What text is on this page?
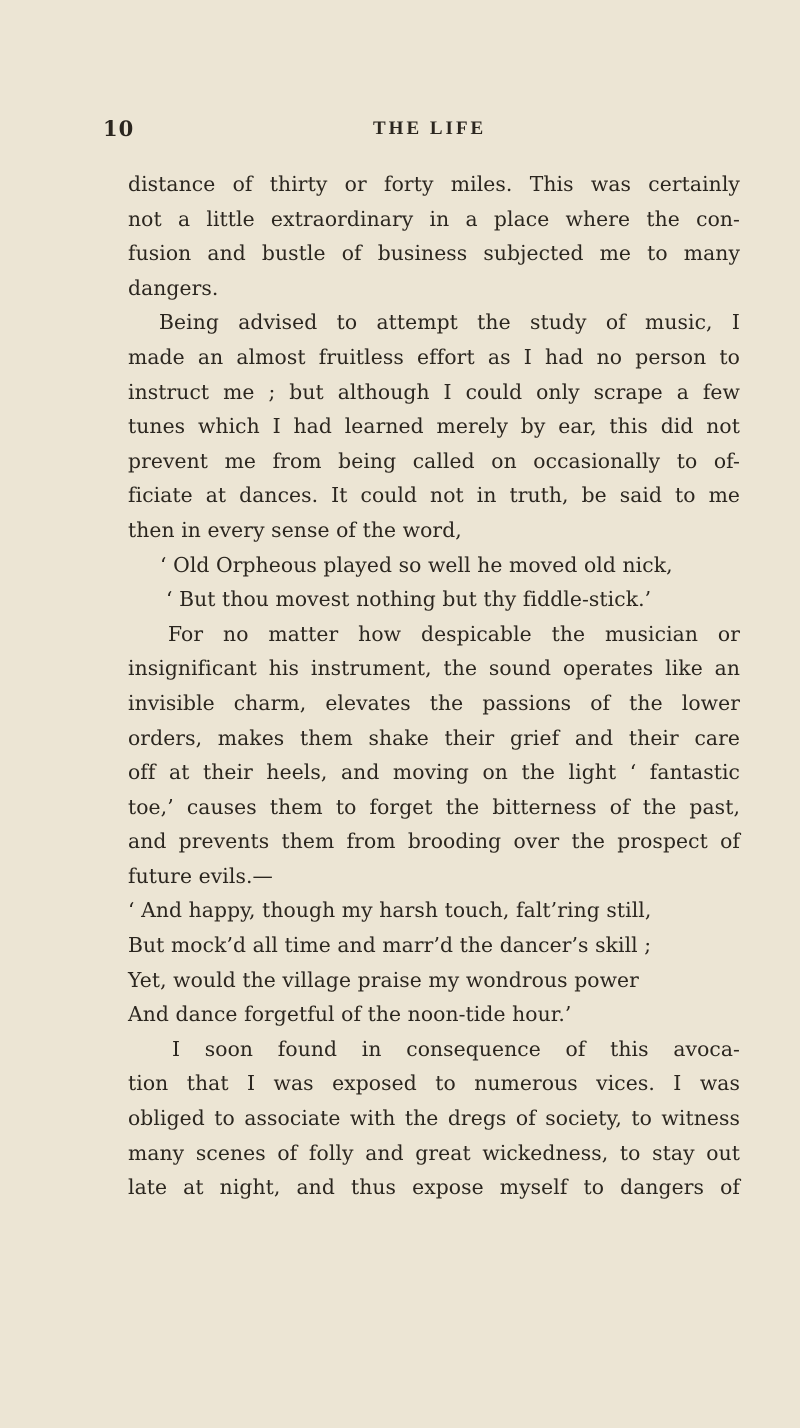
10	THE LIFE
distance of thirty or forty miles. This was certainly
not a little extraordinary in a place where the con-
fusion and bustle of business subjected me to many
dangers.
Being advised to attempt the study of music, I
made an almost fruitless effort as I had no person to
instruct me ; but although I could only scrape a few
tunes which I had learned merely by ear, this did not
prevent me from being called on occasionally to of-
ficiate at dances. It could not in truth, be said to me
then in every sense of the word,
‘ Old Orpheous played so well he moved old nick,
‘ But thou movest nothing but thy fiddle-stick.’
For no matter how despicable the musician or
insignificant his instrument, the sound operates like an
invisible charm, elevates the passions of the lower
orders, makes them shake their grief and their care
off at their heels, and moving on the light ‘ fantastic
toe,’ causes them to forget the bitterness of the past,
and prevents them from brooding over the prospect of
future evils.—
‘ And happy, though my harsh touch, falt’ring still,
But mock’d all time and marr’d the dancer’s skill ;
Yet, would the village praise my wondrous power
And dance forgetful of the noon-tide hour.’
I soon found in consequence of this avoca-
tion that I was exposed to numerous vices. I was
obliged to associate with the dregs of society, to witness
many scenes of folly and great wickedness, to stay out
late at night, and thus expose myself to dangers of
